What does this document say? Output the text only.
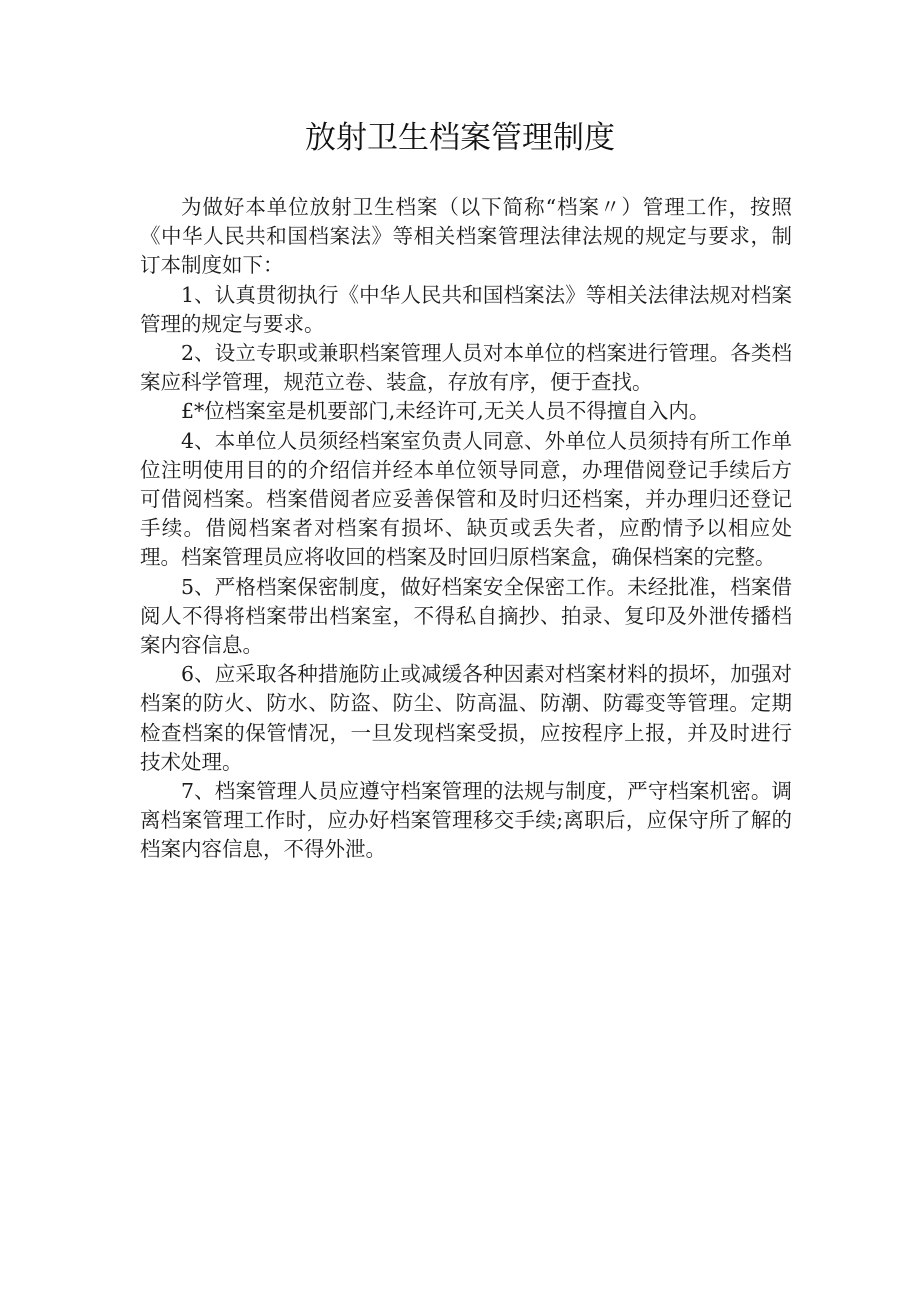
放射卫生档案管理制度

为做好本单位放射卫生档案（以下简称“档案〃）管理工作，按照《中华人民共和国档案法》等相关档案管理法律法规的规定与要求，制订本制度如下：

1、认真贯彻执行《中华人民共和国档案法》等相关法律法规对档案管理的规定与要求。

2、设立专职或兼职档案管理人员对本单位的档案进行管理。各类档案应科学管理，规范立卷、装盒，存放有序，便于查找。

£*位档案室是机要部门,未经许可,无关人员不得擅自入内。

4、本单位人员须经档案室负责人同意、外单位人员须持有所工作单位注明使用目的的介绍信并经本单位领导同意，办理借阅登记手续后方可借阅档案。档案借阅者应妥善保管和及时归还档案，并办理归还登记手续。借阅档案者对档案有损坏、缺页或丢失者，应酌情予以相应处理。档案管理员应将收回的档案及时回归原档案盒，确保档案的完整。

5、严格档案保密制度，做好档案安全保密工作。未经批准，档案借阅人不得将档案带出档案室，不得私自摘抄、拍录、复印及外泄传播档案内容信息。

6、应采取各种措施防止或减缓各种因素对档案材料的损坏，加强对档案的防火、防水、防盗、防尘、防高温、防潮、防霉变等管理。定期检查档案的保管情况，一旦发现档案受损，应按程序上报，并及时进行技术处理。

7、档案管理人员应遵守档案管理的法规与制度，严守档案机密。调离档案管理工作时，应办好档案管理移交手续;离职后，应保守所了解的档案内容信息，不得外泄。
